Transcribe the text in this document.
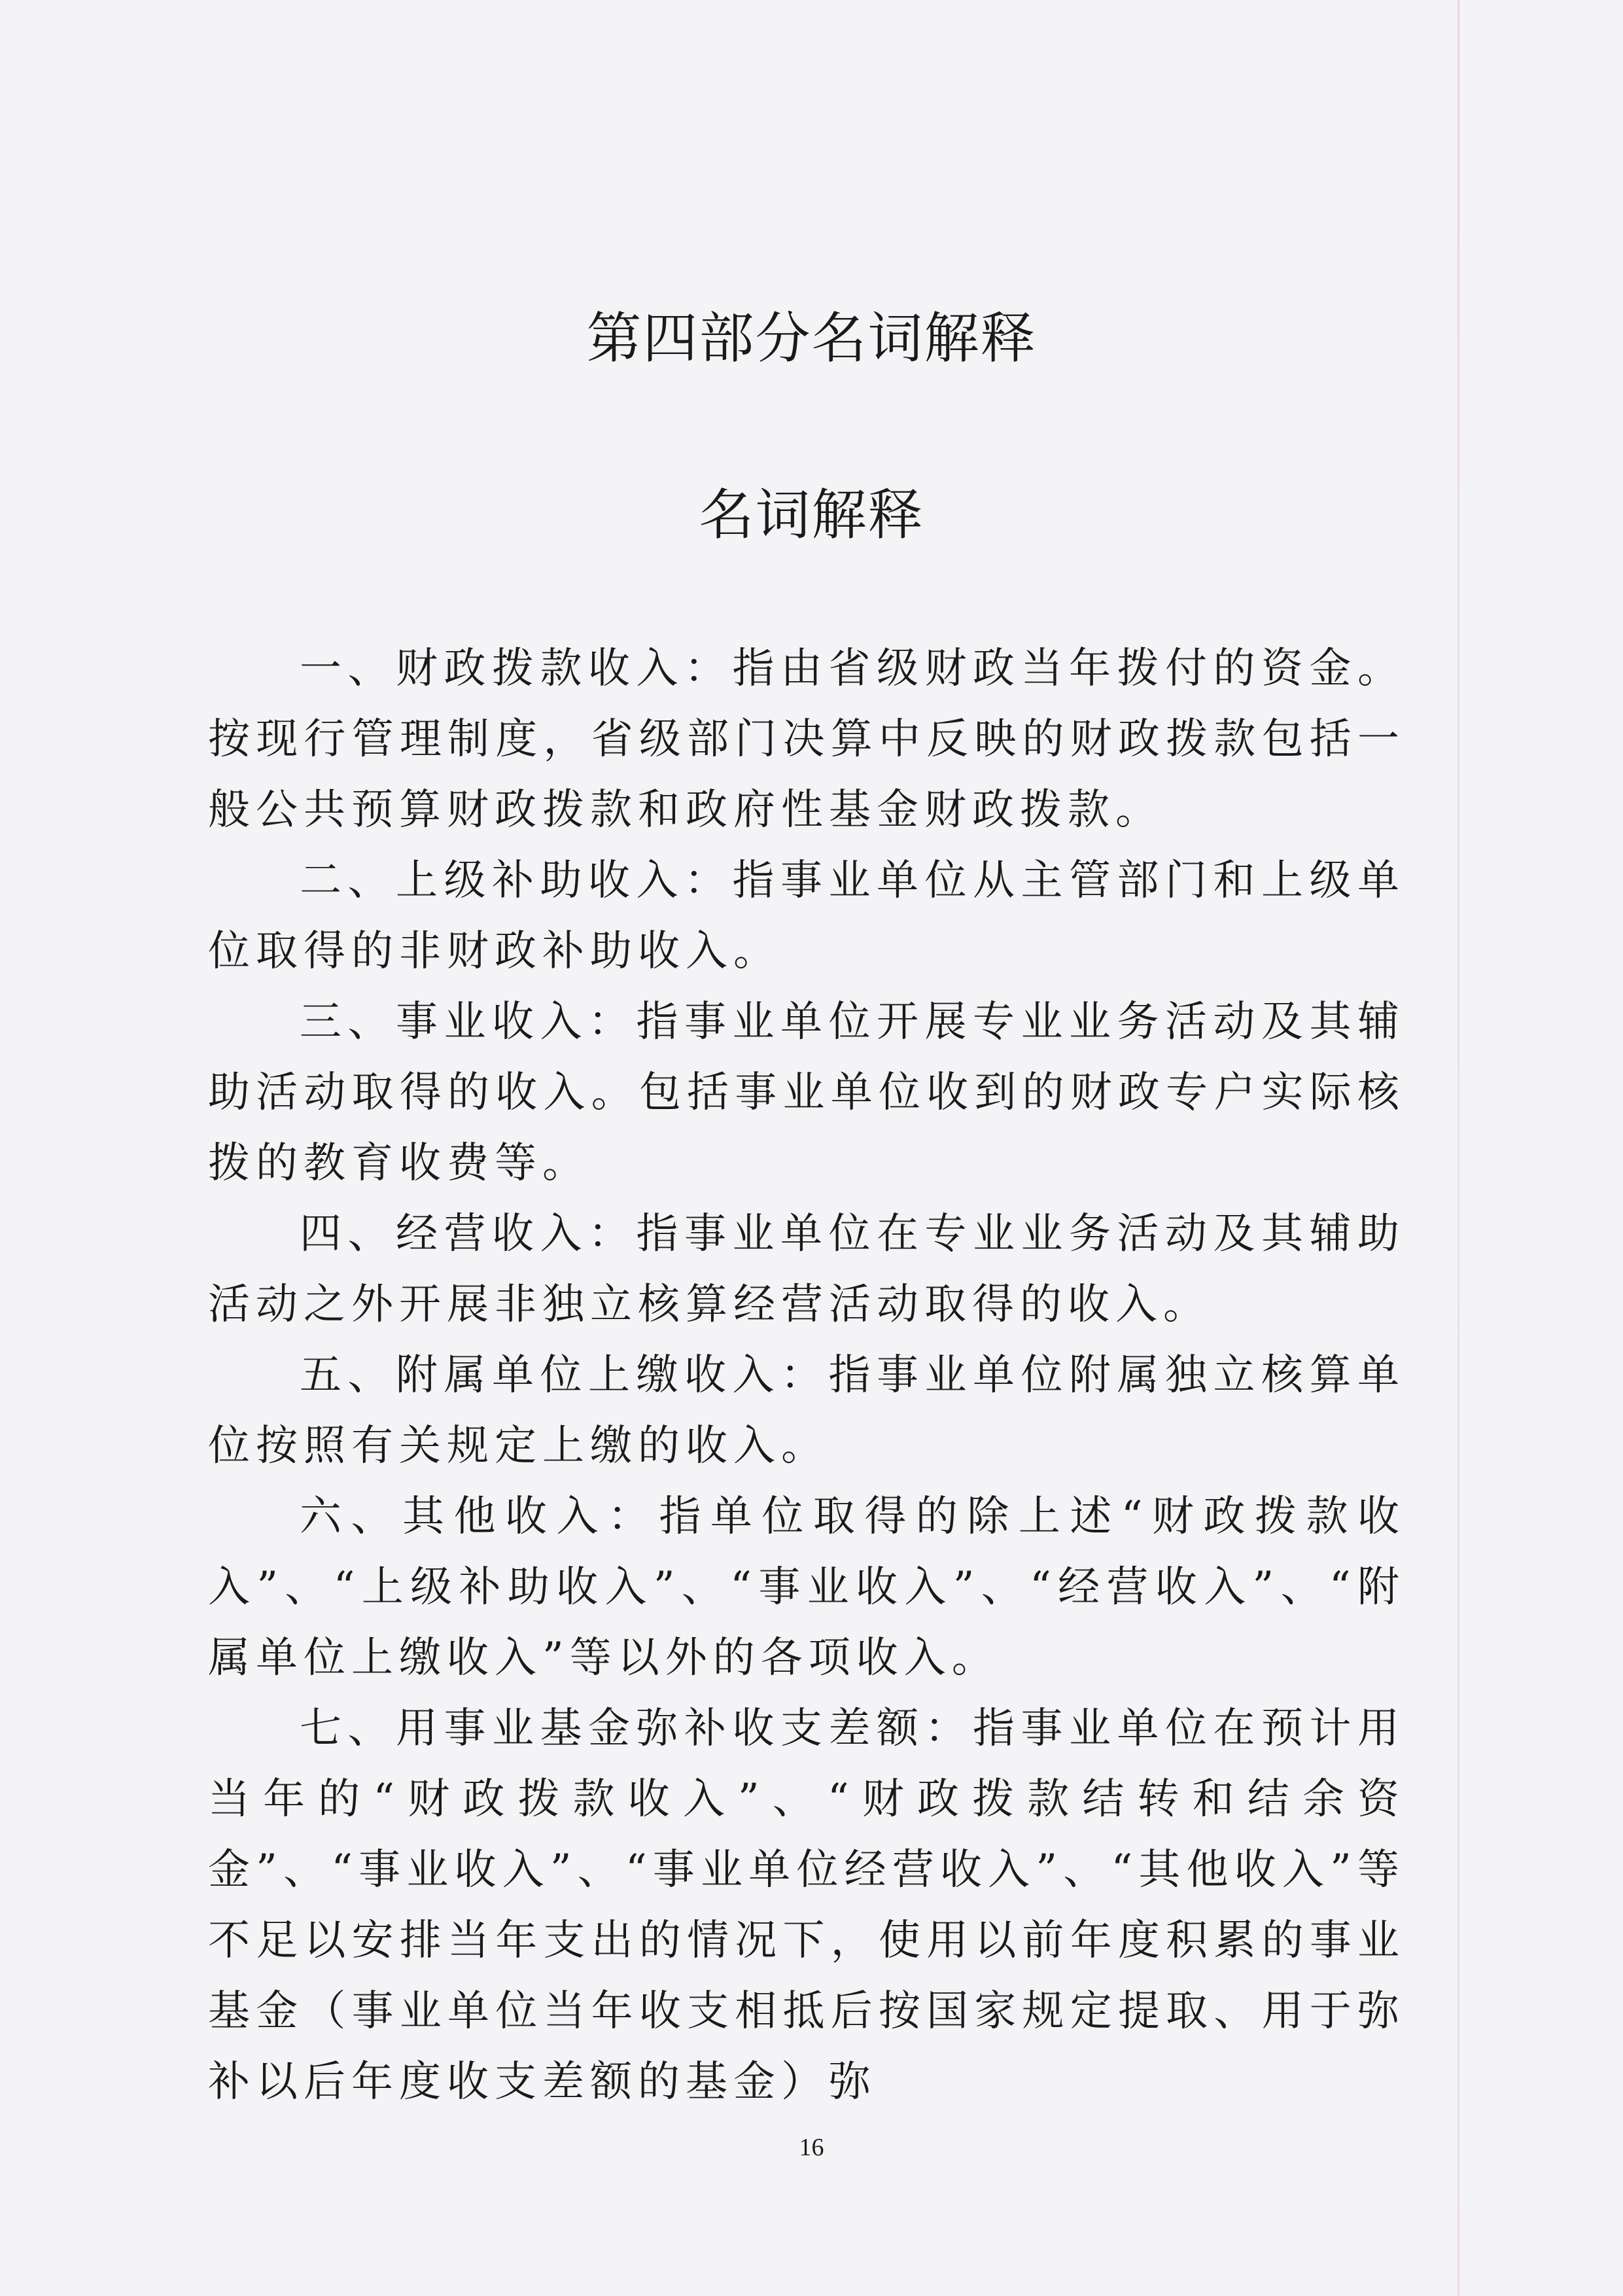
第四部分名词解释
名词解释

一、财政拨款收入：指由省级财政当年拨付的资金。按现行管理制度，省级部门决算中反映的财政拨款包括一般公共预算财政拨款和政府性基金财政拨款。

二、上级补助收入：指事业单位从主管部门和上级单位取得的非财政补助收入。

三、事业收入：指事业单位开展专业业务活动及其辅助活动取得的收入。包括事业单位收到的财政专户实际核拨的教育收费等。

四、经营收入：指事业单位在专业业务活动及其辅助活动之外开展非独立核算经营活动取得的收入。

五、附属单位上缴收入：指事业单位附属独立核算单位按照有关规定上缴的收入。

六、其他收入：指单位取得的除上述“财政拨款收入”、“上级补助收入”、“事业收入”、“经营收入”、“附属单位上缴收入”等以外的各项收入。

七、用事业基金弥补收支差额：指事业单位在预计用当年的“财政拨款收入”、“财政拨款结转和结余资金”、“事业收入”、“事业单位经营收入”、“其他收入”等不足以安排当年支出的情况下，使用以前年度积累的事业基金（事业单位当年收支相抵后按国家规定提取、用于弥补以后年度收支差额的基金）弥

16
